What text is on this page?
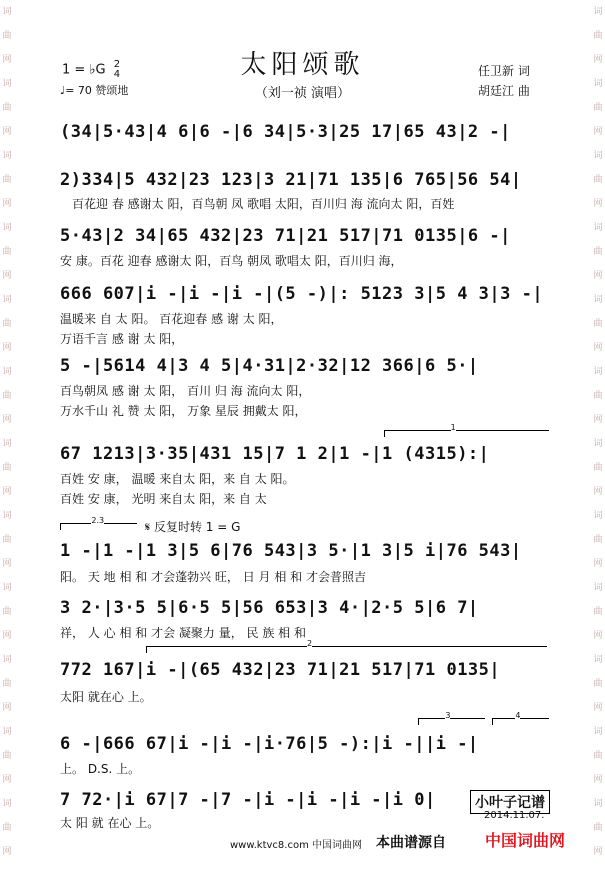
词
曲
网
词
曲
网
词
曲
网
词
曲
网
词
曲
网
词
曲
网
词
曲
网
词
曲
网
词
曲
网
词
曲
网
词
曲
网
词
曲
网
词
曲
网
词
曲
网
词
曲
网
词
曲
网
词
曲
网
词
曲
网
词
曲
网
词
曲
网
词
曲
网
词
曲
网
词
曲
网
词
曲
网
1 = ♭G 2
4
♩= 70 赞颂地
太阳颂歌
（刘一祯 演唱）
任卫新 词
胡廷江 曲
(34|5·43|4 6|6 -|6 34|5·3|25 17|65 43|2 -|
2)334|5 432|23 123|3 21|71 135|6 765|56 54|
百花迎 春 感谢太 阳，百鸟朝 凤 歌唱 太阳，百川归 海 流向太 阳，百姓
5·43|2 34|65 432|23 71|21 517|71 0135|6 -|
安 康。百花 迎春 感谢太 阳，百鸟 朝凤 歌唱太 阳，百川归 海，
666 607|i -|i -|i -|(5 -)|: 5123 3|5 4 3|3 -|
温暖来 自 太 阳。 百花迎春 感 谢 太 阳，
万语千言 感 谢 太 阳，
5 -|5614 4|3 4 5|4·31|2·32|12 366|6 5·|
百鸟朝凤 感 谢 太 阳， 百川 归 海 流向太 阳，
万水千山 礼 赞 太 阳， 万象 星辰 拥戴太 阳，
1
67 1213|3·35|431 15|7 1 2|1 -|1 (4315):|
百姓 安 康， 温暖 来自太 阳，来 自 太 阳。
百姓 安 康， 光明 来自太 阳，来 自 太
2.3	𝄋 反复时转 1 = G
1 -|1 -|1 3|5 6|76 543|3 5·|1 3|5 i|76 543|
阳。 天 地 相 和 才会蓬勃兴 旺， 日 月 相 和 才会普照吉
3 2·|3·5 5|6·5 5|56 653|3 4·|2·5 5|6 7|
祥， 人 心 相 和 才会 凝聚力 量， 民 族 相 和
2
772 167|i -|(65 432|23 71|21 517|71 0135|
太阳 就在心 上。
3	4
6 -|666 67|i -|i -|i·76|5 -):|i -||i -|
上。 D.S. 上。
7 72·|i 67|7 -|7 -|i -|i -|i -|i 0|
太 阳 就 在心 上。
小叶子记谱
2014.11.07.
www.ktvc8.com 中国词曲网 本曲谱源自 中国词曲网
